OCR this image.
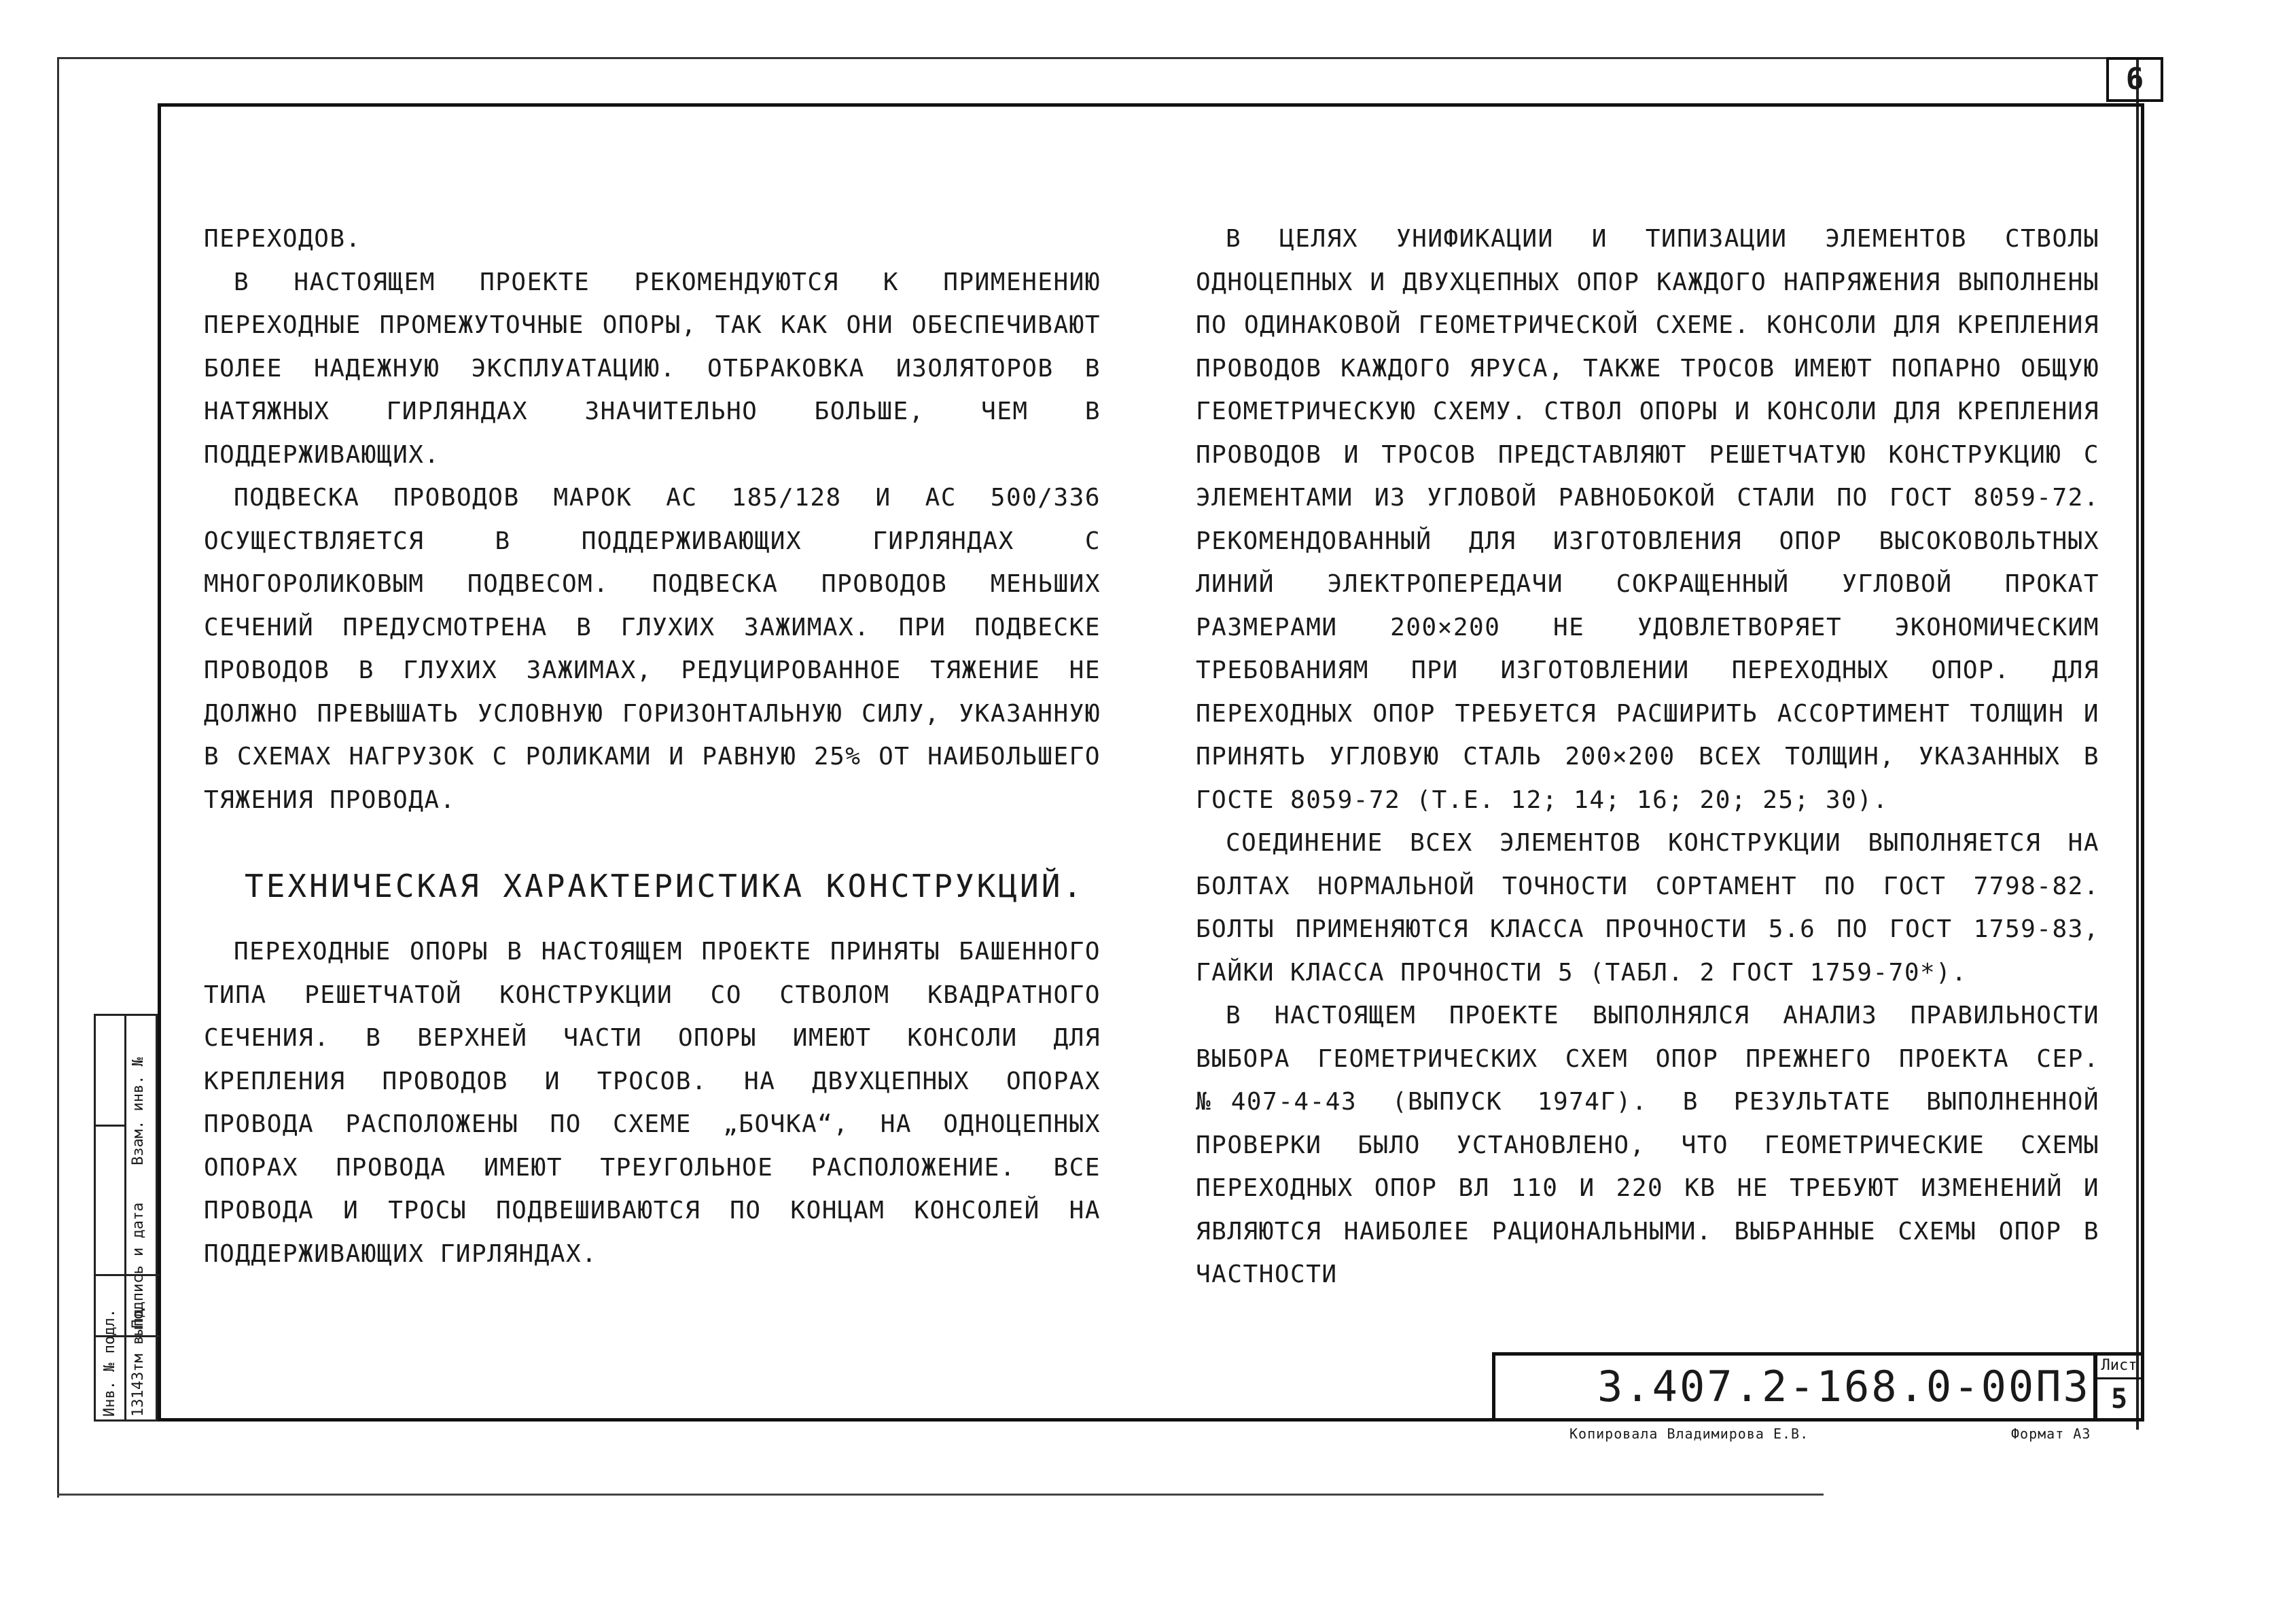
6

ПЕРЕХОДОВ.

В НАСТОЯЩЕМ ПРОЕКТЕ РЕКОМЕНДУЮТСЯ К ПРИМЕНЕНИЮ ПЕРЕХОДНЫЕ ПРОМЕЖУТОЧНЫЕ ОПОРЫ, ТАК КАК ОНИ ОБЕСПЕЧИВАЮТ БОЛЕЕ НАДЕЖНУЮ ЭКСПЛУАТАЦИЮ. ОТБРАКОВКА ИЗОЛЯТОРОВ В НАТЯЖНЫХ ГИРЛЯНДАХ ЗНАЧИТЕЛЬНО БОЛЬШЕ, ЧЕМ В ПОДДЕРЖИВАЮЩИХ.

ПОДВЕСКА ПРОВОДОВ МАРОК АС 185/128 И АС 500/336 ОСУЩЕСТВЛЯЕТСЯ В ПОДДЕРЖИВАЮЩИХ ГИРЛЯНДАХ С МНОГОРОЛИКОВЫМ ПОДВЕСОМ. ПОДВЕСКА ПРОВОДОВ МЕНЬШИХ СЕЧЕНИЙ ПРЕДУСМОТРЕНА В ГЛУХИХ ЗАЖИМАХ. ПРИ ПОДВЕСКЕ ПРОВОДОВ В ГЛУХИХ ЗАЖИМАХ, РЕДУЦИРОВАННОЕ ТЯЖЕНИЕ НЕ ДОЛЖНО ПРЕВЫШАТЬ УСЛОВНУЮ ГОРИЗОНТАЛЬНУЮ СИЛУ, УКАЗАННУЮ В СХЕМАХ НАГРУЗОК С РОЛИКАМИ И РАВНУЮ 25% ОТ НАИБОЛЬШЕГО ТЯЖЕНИЯ ПРОВОДА.

ТЕХНИЧЕСКАЯ ХАРАКТЕРИСТИКА КОНСТРУКЦИЙ.

ПЕРЕХОДНЫЕ ОПОРЫ В НАСТОЯЩЕМ ПРОЕКТЕ ПРИНЯТЫ БАШЕННОГО ТИПА РЕШЕТЧАТОЙ КОНСТРУКЦИИ СО СТВОЛОМ КВАДРАТНОГО СЕЧЕНИЯ. В ВЕРХНЕЙ ЧАСТИ ОПОРЫ ИМЕЮТ КОНСОЛИ ДЛЯ КРЕПЛЕНИЯ ПРОВОДОВ И ТРОСОВ. НА ДВУХЦЕПНЫХ ОПОРАХ ПРОВОДА РАСПОЛОЖЕНЫ ПО СХЕМЕ „БОЧКА“, НА ОДНОЦЕПНЫХ ОПОРАХ ПРОВОДА ИМЕЮТ ТРЕУГОЛЬНОЕ РАСПОЛОЖЕНИЕ. ВСЕ ПРОВОДА И ТРОСЫ ПОДВЕШИВАЮТСЯ ПО КОНЦАМ КОНСОЛЕЙ НА ПОДДЕРЖИВАЮЩИХ ГИРЛЯНДАХ.

В ЦЕЛЯХ УНИФИКАЦИИ И ТИПИЗАЦИИ ЭЛЕМЕНТОВ СТВОЛЫ ОДНОЦЕПНЫХ И ДВУХЦЕПНЫХ ОПОР КАЖДОГО НАПРЯЖЕНИЯ ВЫПОЛНЕНЫ ПО ОДИНАКОВОЙ ГЕОМЕТРИЧЕСКОЙ СХЕМЕ. КОНСОЛИ ДЛЯ КРЕПЛЕНИЯ ПРОВОДОВ КАЖДОГО ЯРУСА, ТАКЖЕ ТРОСОВ ИМЕЮТ ПОПАРНО ОБЩУЮ ГЕОМЕТРИЧЕСКУЮ СХЕМУ. СТВОЛ ОПОРЫ И КОНСОЛИ ДЛЯ КРЕПЛЕНИЯ ПРОВОДОВ И ТРОСОВ ПРЕДСТАВЛЯЮТ РЕШЕТЧАТУЮ КОНСТРУКЦИЮ С ЭЛЕМЕНТАМИ ИЗ УГЛОВОЙ РАВНОБОКОЙ СТАЛИ ПО ГОСТ 8059-72. РЕКОМЕНДОВАННЫЙ ДЛЯ ИЗГОТОВЛЕНИЯ ОПОР ВЫСОКОВОЛЬТНЫХ ЛИНИЙ ЭЛЕКТРОПЕРЕДАЧИ СОКРАЩЕННЫЙ УГЛОВОЙ ПРОКАТ РАЗМЕРАМИ 200×200 НЕ УДОВЛЕТВОРЯЕТ ЭКОНОМИЧЕСКИМ ТРЕБОВАНИЯМ ПРИ ИЗГОТОВЛЕНИИ ПЕРЕХОДНЫХ ОПОР. ДЛЯ ПЕРЕХОДНЫХ ОПОР ТРЕБУЕТСЯ РАСШИРИТЬ АССОРТИМЕНТ ТОЛЩИН И ПРИНЯТЬ УГЛОВУЮ СТАЛЬ 200×200 ВСЕХ ТОЛЩИН, УКАЗАННЫХ В ГОСТЕ 8059-72 (Т.Е. 12; 14; 16; 20; 25; 30).

СОЕДИНЕНИЕ ВСЕХ ЭЛЕМЕНТОВ КОНСТРУКЦИИ ВЫПОЛНЯЕТСЯ НА БОЛТАХ НОРМАЛЬНОЙ ТОЧНОСТИ СОРТАМЕНТ ПО ГОСТ 7798-82. БОЛТЫ ПРИМЕНЯЮТСЯ КЛАССА ПРОЧНОСТИ 5.6 ПО ГОСТ 1759-83, ГАЙКИ КЛАССА ПРОЧНОСТИ 5 (ТАБЛ. 2 ГОСТ 1759-70*).

В НАСТОЯЩЕМ ПРОЕКТЕ ВЫПОЛНЯЛСЯ АНАЛИЗ ПРАВИЛЬНОСТИ ВЫБОРА ГЕОМЕТРИЧЕСКИХ СХЕМ ОПОР ПРЕЖНЕГО ПРОЕКТА СЕР. №407-4-43 (ВЫПУСК 1974Г). В РЕЗУЛЬТАТЕ ВЫПОЛНЕННОЙ ПРОВЕРКИ БЫЛО УСТАНОВЛЕНО, ЧТО ГЕОМЕТРИЧЕСКИЕ СХЕМЫ ПЕРЕХОДНЫХ ОПОР ВЛ 110 И 220 КВ НЕ ТРЕБУЮТ ИЗМЕНЕНИЙ И ЯВЛЯЮТСЯ НАИБОЛЕЕ РАЦИОНАЛЬНЫМИ. ВЫБРАННЫЕ СХЕМЫ ОПОР В ЧАСТНОСТИ

Инв. № подл. 13143тм выпд
Подпись и дата
Взам. инв. №
3.407.2-168.0-00ПЗ Лист
5
Копировала Владимирова Е.В.	Формат А3
